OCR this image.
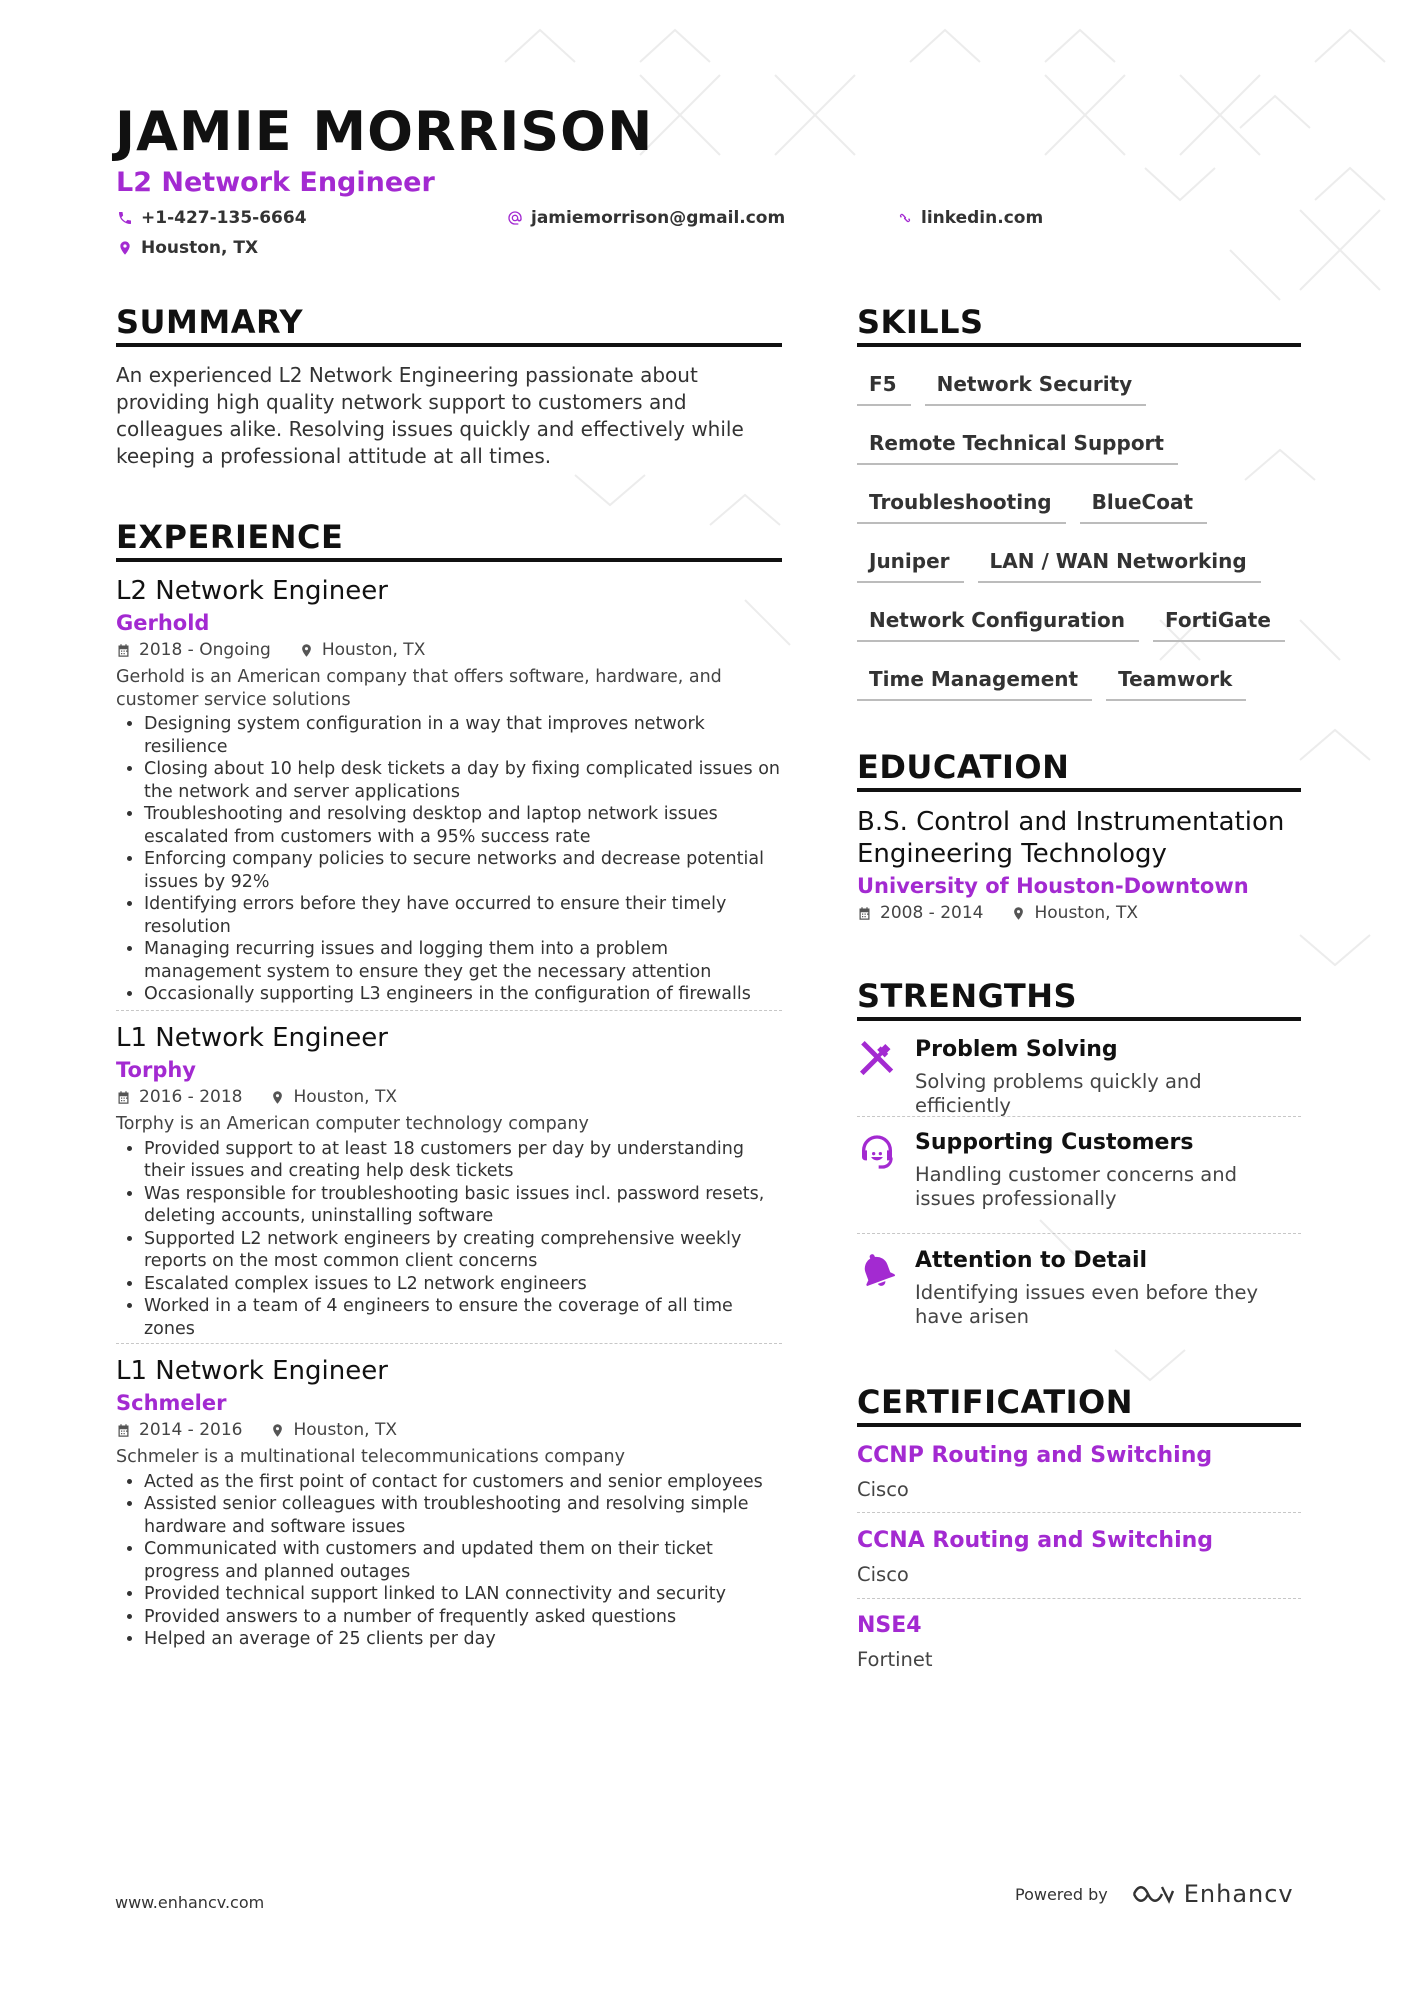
JAMIE MORRISON
L2 Network Engineer
+1-427-135-6664	jamiemorrison@gmail.com	linkedin.com
Houston, TX
SUMMARY
An experienced L2 Network Engineering passionate about providing high quality network support to customers and colleagues alike. Resolving issues quickly and effectively while keeping a professional attitude at all times.
EXPERIENCE
L2 Network Engineer
Gerhold
2018 - Ongoing	Houston, TX
Gerhold is an American company that offers software, hardware, and customer service solutions
• Designing system configuration in a way that improves network resilience
• Closing about 10 help desk tickets a day by fixing complicated issues on the network and server applications
• Troubleshooting and resolving desktop and laptop network issues escalated from customers with a 95% success rate
• Enforcing company policies to secure networks and decrease potential issues by 92%
• Identifying errors before they have occurred to ensure their timely resolution
• Managing recurring issues and logging them into a problem management system to ensure they get the necessary attention
• Occasionally supporting L3 engineers in the configuration of firewalls
L1 Network Engineer
Torphy
2016 - 2018	Houston, TX
Torphy is an American computer technology company
• Provided support to at least 18 customers per day by understanding their issues and creating help desk tickets
• Was responsible for troubleshooting basic issues incl. password resets, deleting accounts, uninstalling software
• Supported L2 network engineers by creating comprehensive weekly reports on the most common client concerns
• Escalated complex issues to L2 network engineers
• Worked in a team of 4 engineers to ensure the coverage of all time zones
L1 Network Engineer
Schmeler
2014 - 2016	Houston, TX
Schmeler is a multinational telecommunications company
• Acted as the first point of contact for customers and senior employees
• Assisted senior colleagues with troubleshooting and resolving simple hardware and software issues
• Communicated with customers and updated them on their ticket progress and planned outages
• Provided technical support linked to LAN connectivity and security
• Provided answers to a number of frequently asked questions
• Helped an average of 25 clients per day
SKILLS
F5	Network Security
Remote Technical Support
Troubleshooting	BlueCoat
Juniper	LAN / WAN Networking
Network Configuration	FortiGate
Time Management	Teamwork
EDUCATION
B.S. Control and Instrumentation Engineering Technology
University of Houston-Downtown
2008 - 2014	Houston, TX
STRENGTHS
Problem Solving
Solving problems quickly and efficiently
Supporting Customers
Handling customer concerns and issues professionally
Attention to Detail
Identifying issues even before they have arisen
CERTIFICATION
CCNP Routing and Switching
Cisco
CCNA Routing and Switching
Cisco
NSE4
Fortinet
www.enhancv.com	Powered by	Enhancv
